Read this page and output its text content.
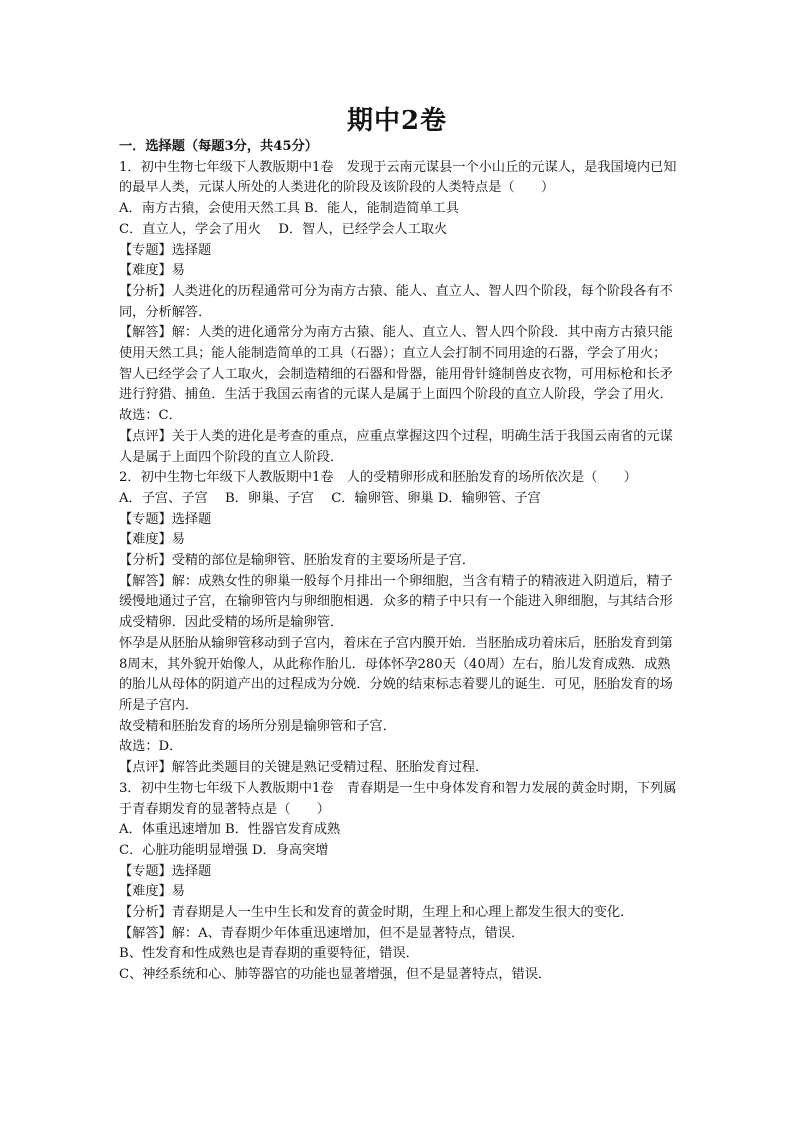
期中2卷

一．选择题（每题3分，共45分）

1．初中生物七年级下人教版期中1卷　发现于云南元谋县一个小山丘的元谋人，是我国境内已知的最早人类，元谋人所处的人类进化的阶段及该阶段的人类特点是（　　）

A．南方古猿，会使用天然工具 B．能人，能制造简单工具

C．直立人，学会了用火　 D．智人，已经学会人工取火

【专题】选择题

【难度】易

【分析】人类进化的历程通常可分为南方古猿、能人、直立人、智人四个阶段，每个阶段各有不同，分析解答．

【解答】解：人类的进化通常分为南方古猿、能人、直立人、智人四个阶段．其中南方古猿只能使用天然工具；能人能制造简单的工具（石器）；直立人会打制不同用途的石器，学会了用火；智人已经学会了人工取火，会制造精细的石器和骨器，能用骨针缝制兽皮衣物，可用标枪和长矛进行狩猎、捕鱼．生活于我国云南省的元谋人是属于上面四个阶段的直立人阶段，学会了用火．

故选：C．

【点评】关于人类的进化是考查的重点，应重点掌握这四个过程，明确生活于我国云南省的元谋人是属于上面四个阶段的直立人阶段．

2．初中生物七年级下人教版期中1卷　人的受精卵形成和胚胎发育的场所依次是（　　）

A．子宫、子宫　 B．卵巢、子宫　 C．输卵管、卵巢 D．输卵管、子宫

【专题】选择题

【难度】易

【分析】受精的部位是输卵管、胚胎发育的主要场所是子宫．

【解答】解：成熟女性的卵巢一般每个月排出一个卵细胞，当含有精子的精液进入阴道后，精子缓慢地通过子宫，在输卵管内与卵细胞相遇．众多的精子中只有一个能进入卵细胞，与其结合形成受精卵．因此受精的场所是输卵管．

怀孕是从胚胎从输卵管移动到子宫内，着床在子宫内膜开始．当胚胎成功着床后，胚胎发育到第8周末，其外貌开始像人，从此称作胎儿．母体怀孕280天（40周）左右，胎儿发育成熟．成熟的胎儿从母体的阴道产出的过程成为分娩．分娩的结束标志着婴儿的诞生．可见，胚胎发育的场所是子宫内．

故受精和胚胎发育的场所分别是输卵管和子宫．

故选：D．

【点评】解答此类题目的关键是熟记受精过程、胚胎发育过程．

3．初中生物七年级下人教版期中1卷　青春期是一生中身体发育和智力发展的黄金时期，下列属于青春期发育的显著特点是（　　）

A．体重迅速增加 B．性器官发育成熟

C．心脏功能明显增强 D．身高突增

【专题】选择题

【难度】易

【分析】青春期是人一生中生长和发育的黄金时期，生理上和心理上都发生很大的变化．

【解答】解：A、青春期少年体重迅速增加，但不是显著特点，错误．

B、性发育和性成熟也是青春期的重要特征，错误．

C、神经系统和心、肺等器官的功能也显著增强，但不是显著特点，错误．
